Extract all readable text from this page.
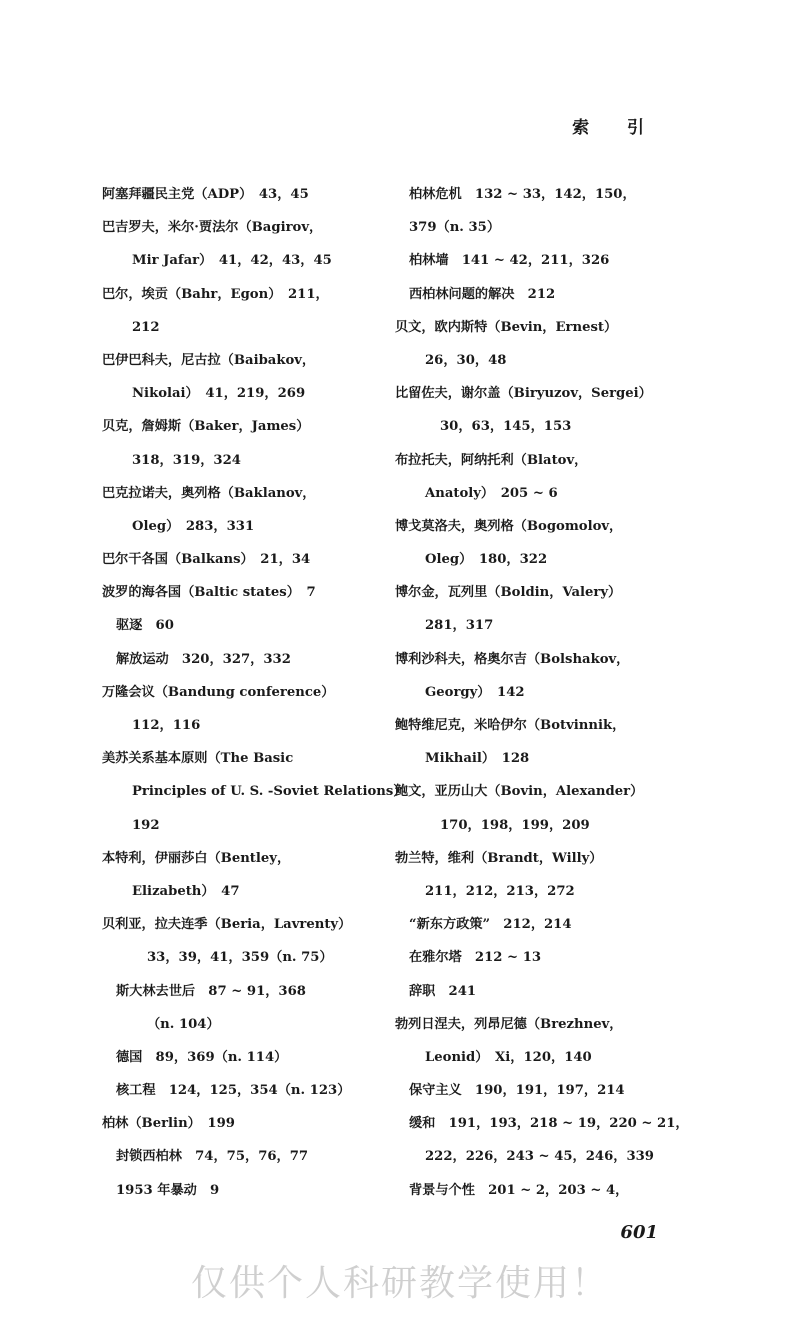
索 引
阿塞拜疆民主党（ADP）　43，45
巴吉罗夫，米尔·贾法尔（Bagirov，
Mir Jafar）　41，42，43，45
巴尔，埃贡（Bahr，Egon）　211，
212
巴伊巴科夫，尼古拉（Baibakov，
Nikolai）　41，219，269
贝克，詹姆斯（Baker，James）
318，319，324
巴克拉诺夫，奥列格（Baklanov，
Oleg）　283，331
巴尔干各国（Balkans）　21，34
波罗的海各国（Baltic states）　7
驱逐　60
解放运动　320，327，332
万隆会议（Bandung conference）
112，116
美苏关系基本原则（The Basic
Principles of U. S. -Soviet Relations）
192
本特利，伊丽莎白（Bentley，
Elizabeth）　47
贝利亚，拉夫连季（Beria，Lavrenty）
33，39，41，359（n. 75）
斯大林去世后　87 ~ 91，368
（n. 104）
德国　89，369（n. 114）
核工程　124，125，354（n. 123）
柏林（Berlin）　199
封锁西柏林　74，75，76，77
1953 年暴动　9
柏林危机　132 ~ 33，142，150，
379（n. 35）
柏林墙　141 ~ 42，211，326
西柏林问题的解决　212
贝文，欧内斯特（Bevin，Ernest）
26，30，48
比留佐夫，谢尔盖（Biryuzov，Sergei）
30，63，145，153
布拉托夫，阿纳托利（Blatov，
Anatoly）　205 ~ 6
博戈莫洛夫，奥列格（Bogomolov，
Oleg）　180，322
博尔金，瓦列里（Boldin，Valery）
281，317
博利沙科夫，格奥尔吉（Bolshakov，
Georgy）　142
鲍特维尼克，米哈伊尔（Botvinnik，
Mikhail）　128
鲍文，亚历山大（Bovin，Alexander）
170，198，199，209
勃兰特，维利（Brandt，Willy）
211，212，213，272
“新东方政策”　212，214
在雅尔塔　212 ~ 13
辞职　241
勃列日涅夫，列昂尼德（Brezhnev，
Leonid）　Xi，120，140
保守主义　190，191，197，214
缓和　191，193，218 ~ 19，220 ~ 21，
222，226，243 ~ 45，246，339
背景与个性　201 ~ 2，203 ~ 4，
601
仅供个人科研教学使用！
